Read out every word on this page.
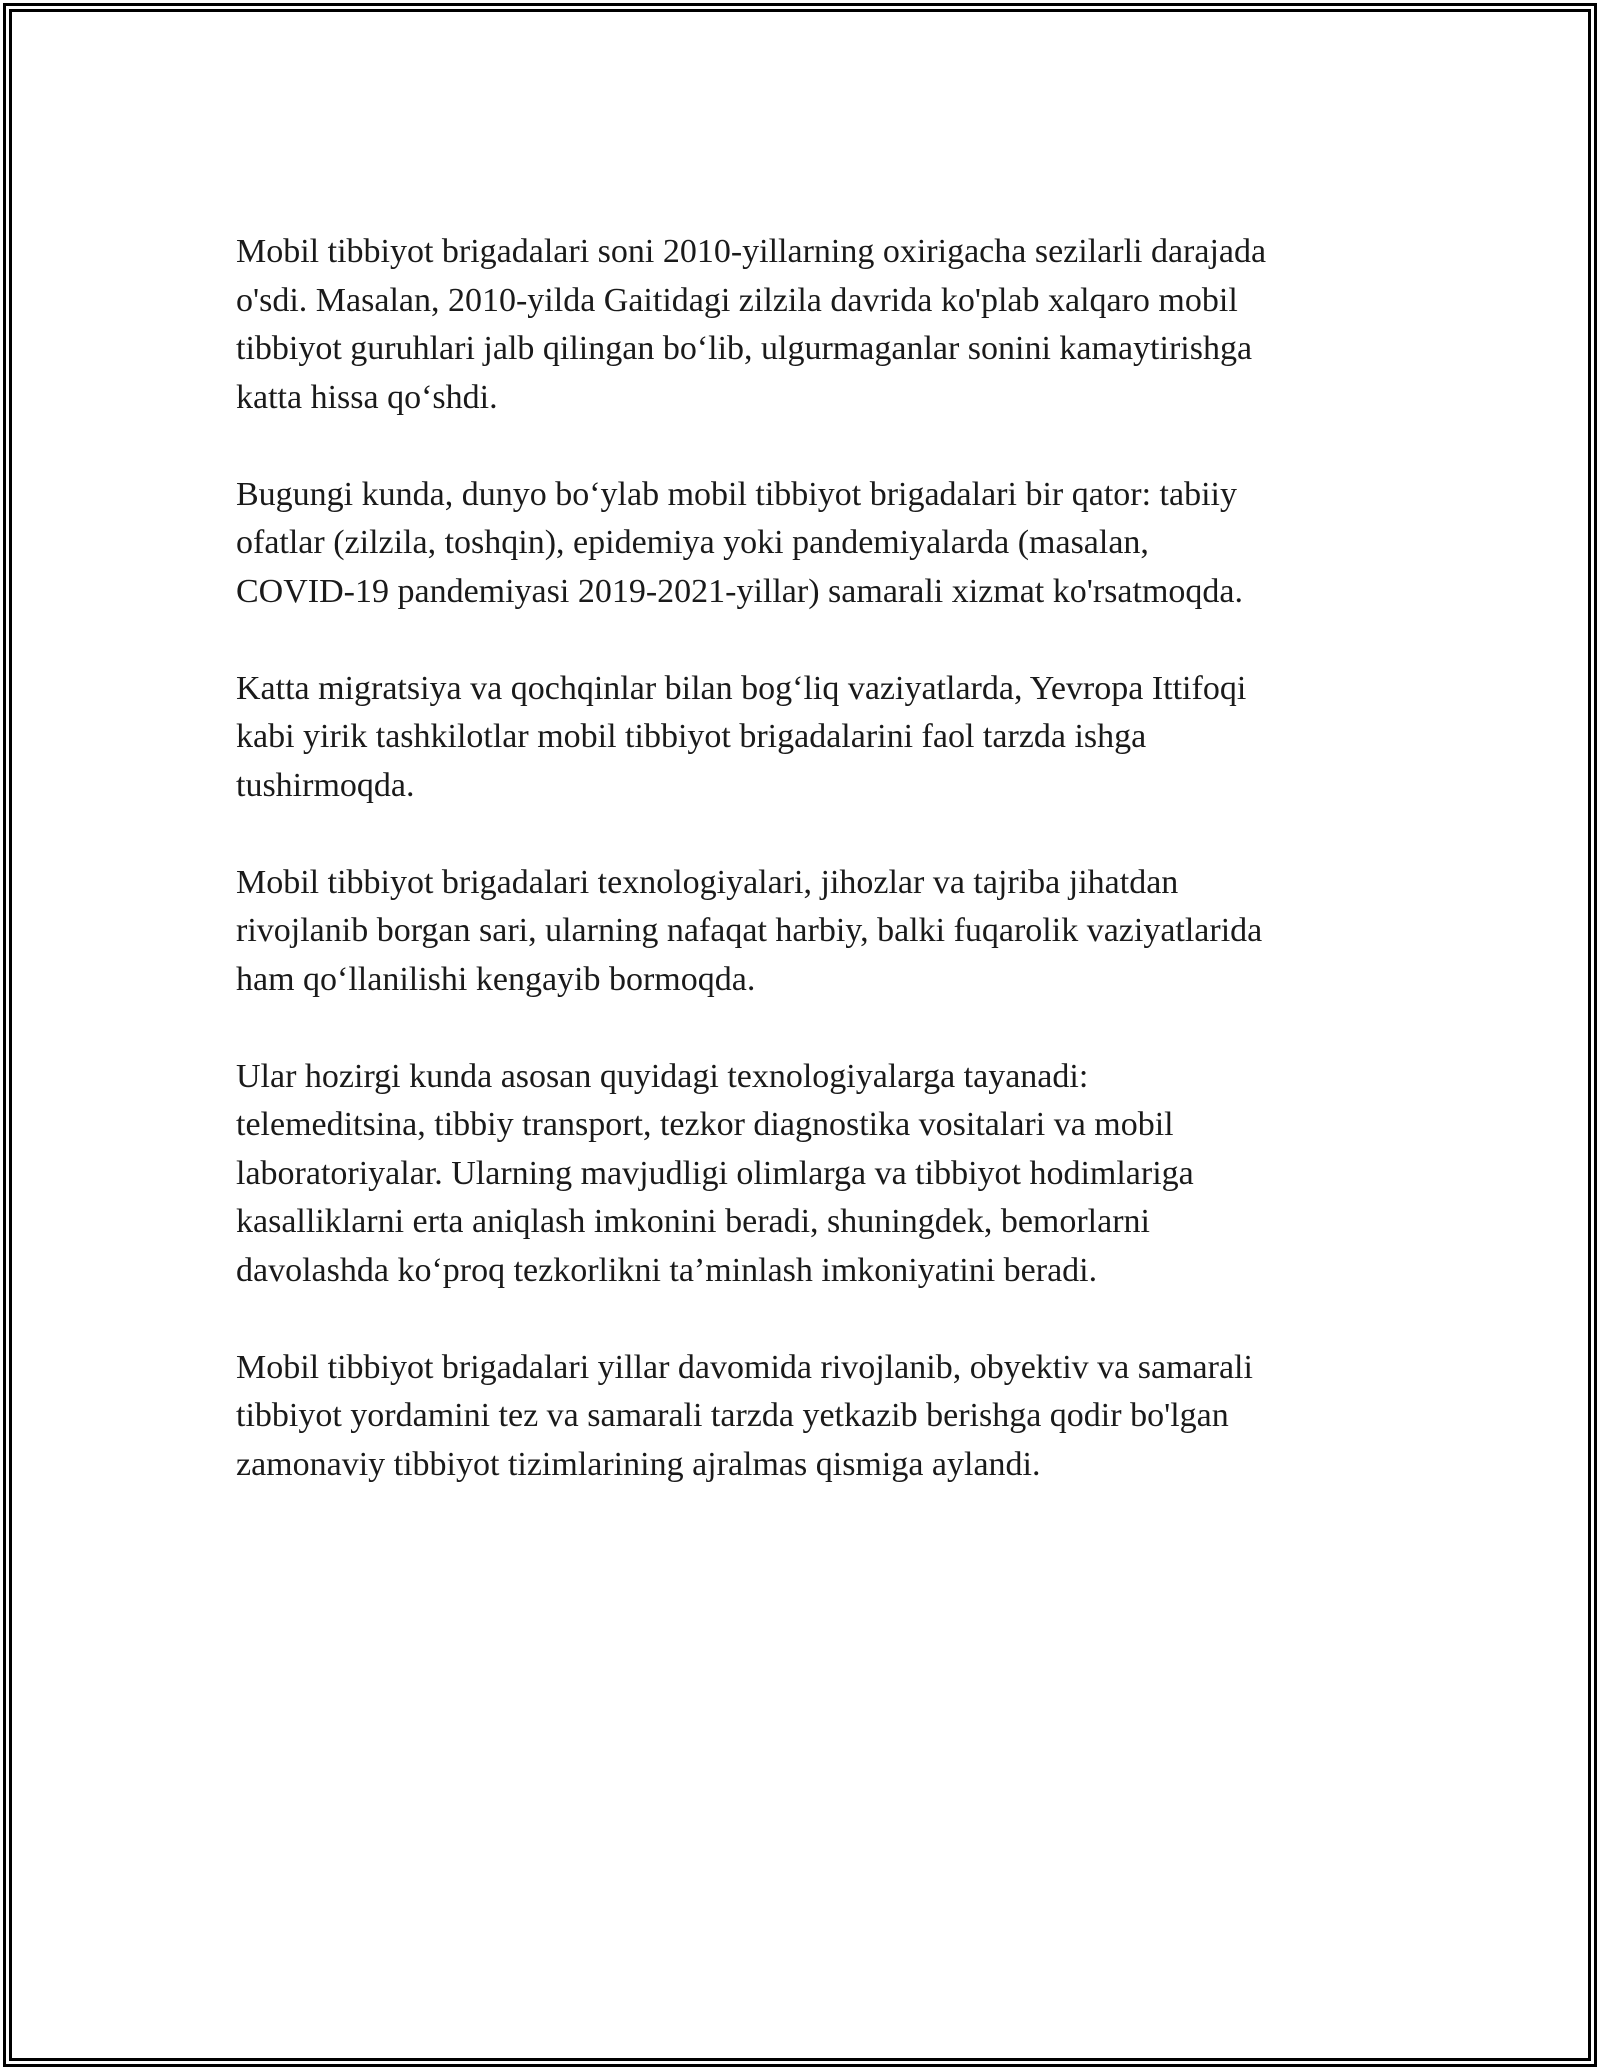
Mobil tibbiyot brigadalari soni 2010-yillarning oxirigacha sezilarli darajada
o'sdi. Masalan, 2010-yilda Gaitidagi zilzila davrida ko'plab xalqaro mobil
tibbiyot guruhlari jalb qilingan bo‘lib, ulgurmaganlar sonini kamaytirishga
katta hissa qo‘shdi.

Bugungi kunda, dunyo bo‘ylab mobil tibbiyot brigadalari bir qator: tabiiy
ofatlar (zilzila, toshqin), epidemiya yoki pandemiyalarda (masalan,
COVID-19 pandemiyasi 2019-2021-yillar) samarali xizmat ko'rsatmoqda.

Katta migratsiya va qochqinlar bilan bog‘liq vaziyatlarda, Yevropa Ittifoqi
kabi yirik tashkilotlar mobil tibbiyot brigadalarini faol tarzda ishga
tushirmoqda.

Mobil tibbiyot brigadalari texnologiyalari, jihozlar va tajriba jihatdan
rivojlanib borgan sari, ularning nafaqat harbiy, balki fuqarolik vaziyatlarida
ham qo‘llanilishi kengayib bormoqda.

Ular hozirgi kunda asosan quyidagi texnologiyalarga tayanadi:
telemeditsina, tibbiy transport, tezkor diagnostika vositalari va mobil
laboratoriyalar. Ularning mavjudligi olimlarga va tibbiyot hodimlariga
kasalliklarni erta aniqlash imkonini beradi, shuningdek, bemorlarni
davolashda ko‘proq tezkorlikni ta’minlash imkoniyatini beradi.

Mobil tibbiyot brigadalari yillar davomida rivojlanib, obyektiv va samarali
tibbiyot yordamini tez va samarali tarzda yetkazib berishga qodir bo'lgan
zamonaviy tibbiyot tizimlarining ajralmas qismiga aylandi.
